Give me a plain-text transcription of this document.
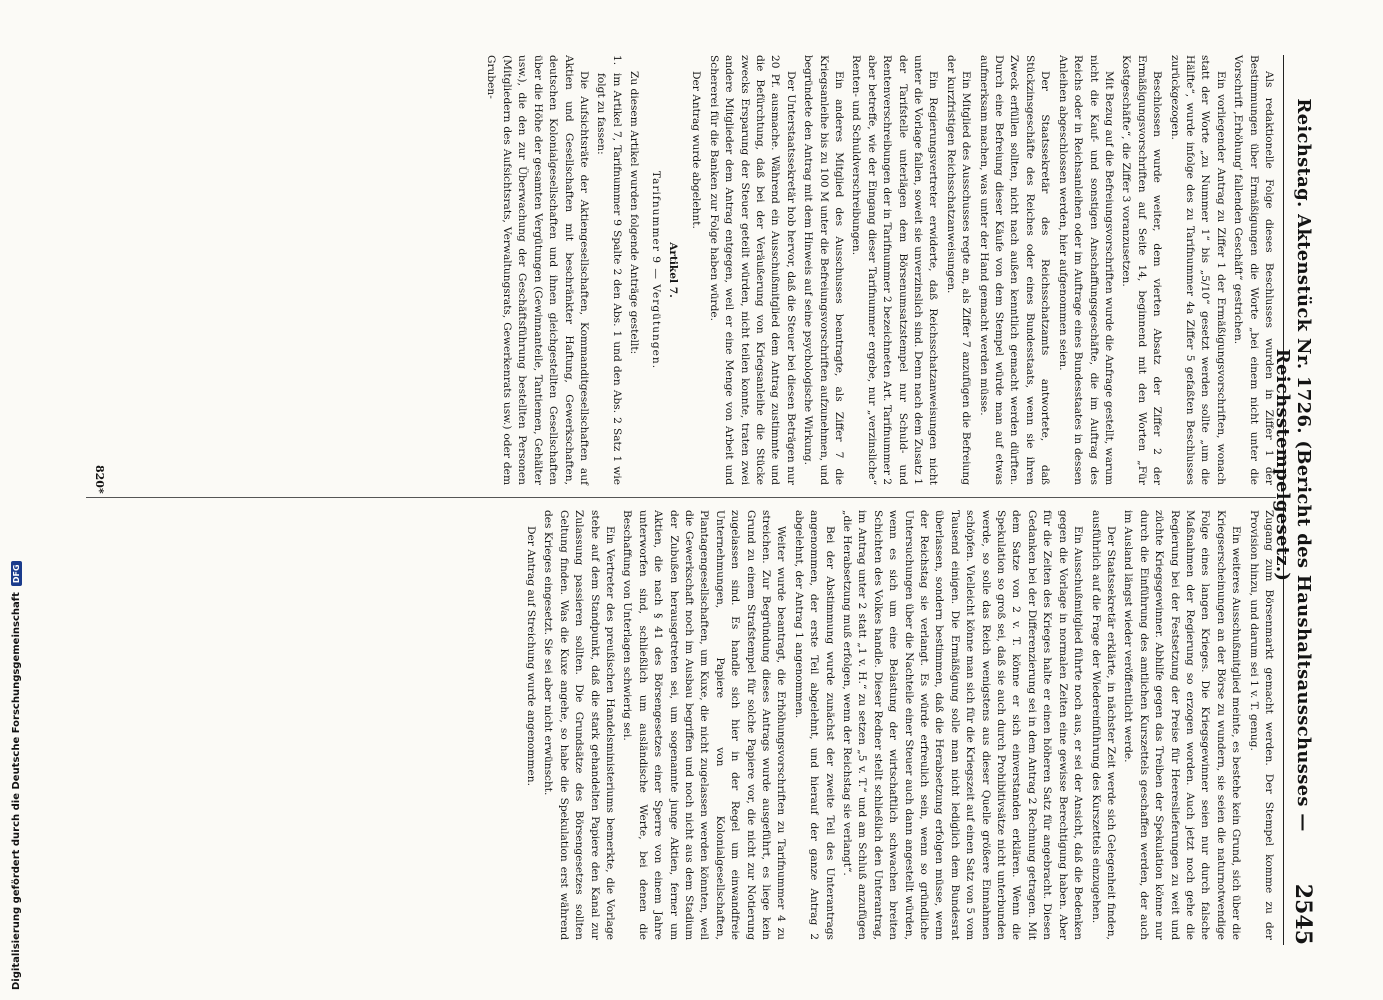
Digitalisierung gefördert durch die Deutsche Forschungsgemeinschaft
DFG	Reichstag. Aktenstück Nr. 1726. (Bericht des Haushaltsausschusses — Reichsstempelgesetz.)
2545

Als redaktionelle Folge dieses Beschlusses wurden in Ziffer 1 der Bestimmungen über Ermäßigungen die Worte „bei einem nicht unter die Vorschrift ‚Erhöhung' fallenden Geschäft“ gestrichen.

Ein vorliegender Antrag zu Ziffer 1 der Ermäßigungsvorschriften, wonach statt der Worte „zu Nummer 1“ bis „5/10“ gesetzt werden sollte „um die Hälfte“, wurde infolge des zu Tarifnummer 4a Ziffer 5 gefaßten Beschlusses zurückgezogen.

Beschlossen wurde weiter, dem vierten Absatz der Ziffer 2 der Ermäßigungsvorschriften auf Seite 14, beginnend mit den Worten „Für Kostgeschäfte“, die Ziffer 3 voranzusetzen.

Mit Bezug auf die Befreiungsvorschriften wurde die Anfrage gestellt, warum nicht die Kauf- und sonstigen Anschaffungsgeschäfte, die im Auftrag des Reichs oder in Reichsanleihen oder im Auftrage eines Bundesstaates in dessen Anleihen abgeschlossen werden, hier aufgenommen seien.

Der Staatssekretär des Reichsschatzamts antwortete, daß Stückzinsgeschäfte des Reiches oder eines Bundesstaats, wenn sie ihren Zweck erfüllen sollten, nicht nach außen kenntlich gemacht werden dürften. Durch eine Befreiung dieser Käufe von dem Stempel würde man auf etwas aufmerksam machen, was unter der Hand gemacht werden müsse.

Ein Mitglied des Ausschusses regte an, als Ziffer 7 anzufügen die Befreiung der kurzfristigen Reichsschatzanweisungen.

Ein Regierungsvertreter erwiderte, daß Reichsschatzanweisungen nicht unter die Vorlage fallen, soweit sie unverzinslich sind. Denn nach dem Zusatz 1 der Tarifstelle unterlägen dem Börsenumsatzstempel nur Schuld- und Rentenverschreibungen der in Tarifnummer 2 bezeichneten Art. Tarifnummer 2 aber betreffe, wie der Eingang dieser Tarifnummer ergebe, nur „verzinsliche“ Renten- und Schuldverschreibungen.

Ein anderes Mitglied des Ausschusses beantragte, als Ziffer 7 die Kriegsanleihe bis zu 100 M unter die Befreiungsvorschriften aufzunehmen, und begründete den Antrag mit dem Hinweis auf seine psychologische Wirkung.

Der Unterstaatssekretär hob hervor, daß die Steuer bei diesen Beträgen nur 20 Pf. ausmache. Während ein Ausschußmitglied dem Antrag zustimmte und die Befürchtung, daß bei der Veräußerung von Kriegsanleihe die Stücke zwecks Ersparung der Steuer geteilt würden, nicht teilen konnte, traten zwei andere Mitglieder dem Antrag entgegen, weil er eine Menge von Arbeit und Schererei für die Banken zur Folge haben würde.

Der Antrag wurde abgelehnt.

Artikel 7.
Tarifnummer 9 — Vergütungen.

Zu diesem Artikel wurden folgende Anträge gestellt:

1.im Artikel 7, Tarifnummer 9 Spalte 2 den Abs. 1 und den Abs. 2 Satz 1 wie folgt zu fassen:

Die Aufsichtsräte der Aktiengesellschaften, Kommanditgesellschaften auf Aktien und Gesellschaften mit beschränkter Haftung, Gewerkschaften, deutschen Kolonialgesellschaften und ihnen gleichgestellten Gesellschaften über die Höhe der gesamten Vergütungen (Gewinnanteile, Tantiemen, Gehälter usw.), die den zur Überwachung der Geschäftsführung bestellten Personen (Mitgliedern des Aufsichtsrats, Verwaltungsrats, Gewerkenrats usw.) oder dem Gruben-

Zugang zum Börsenmarkt gemacht werden. Der Stempel komme zu der Provision hinzu, und darum sei 1 v. T. genug.

Ein weiteres Ausschußmitglied meinte, es bestehe kein Grund, sich über die Kriegserscheinungen an der Börse zu wundern, sie seien die naturnotwendige Folge eines langen Krieges. Die Kriegsgewinner seien nur durch falsche Maßnahmen der Regierung so erzogen worden. Auch jetzt noch gehe die Regierung bei der Festsetzung der Preise für Heereslieferungen zu weit und züchte Kriegsgewinner. Abhilfe gegen das Treiben der Spekulation könne nur durch die Einführung des amtlichen Kurszettels geschaffen werden, der auch im Ausland längst wieder veröffentlicht werde.

Der Staatssekretär erklärte, in nächster Zeit werde sich Gelegenheit finden, ausführlich auf die Frage der Wiedereinführung des Kurszettels einzugehen.

Ein Ausschußmitglied führte noch aus, er sei der Ansicht, daß die Bedenken gegen die Vorlage in normalen Zeiten eine gewisse Berechtigung haben. Aber für die Zeiten des Krieges halte er einen höheren Satz für angebracht. Diesen Gedanken bei der Differenzierung sei in dem Antrag 2 Rechnung getragen. Mit dem Satze von 2 v. T. könne er sich einverstanden erklären. Wenn die Spekulation so groß sei, daß sie auch durch Prohibitivsätze nicht unterbunden werde, so solle das Reich wenigstens aus dieser Quelle größere Einnahmen schöpfen. Vielleicht könne man sich für die Kriegszeit auf einen Satz von 5 vom Tausend einigen. Die Ermäßigung solle man nicht lediglich dem Bundesrat überlassen, sondern bestimmen, daß die Herabsetzung erfolgen müsse, wenn der Reichstag sie verlangt. Es würde erfreulich sein, wenn so gründliche Untersuchungen über die Nachteile einer Steuer auch dann angestellt würden, wenn es sich um eine Belastung der wirtschaftlich schwachen breiten Schichten des Volkes handle. Dieser Redner stellt schließlich den Unterantrag, im Antrag unter 2 statt „1 v. H.“ zu setzen „5 v. T.“ und am Schluß anzufügen „die Herabsetzung muß erfolgen, wenn der Reichstag sie verlangt“.

Bei der Abstimmung wurde zunächst der zweite Teil des Unterantrags angenommen, der erste Teil abgelehnt, und hierauf der ganze Antrag 2 abgelehnt, der Antrag 1 angenommen.

Weiter wurde beantragt, die Erhöhungsvorschriften zu Tarifnummer 4 zu streichen. Zur Begründung dieses Antrags wurde ausgeführt, es liege kein Grund zu einem Strafstempel für solche Papiere vor, die nicht zur Notierung zugelassen sind. Es handle sich hier in der Regel um einwandfreie Unternehmungen, Papiere von Kolonialgesellschaften, Plantagengesellschaften, um Kuxe, die nicht zugelassen werden könnten, weil die Gewerkschaft noch im Ausbau begriffen und noch nicht aus dem Stadium der Zubußen herausgetreten sei, um sogenannte junge Aktien, ferner um Aktien, die nach § 41 des Börsengesetzes einer Sperre von einem Jahre unterworfen sind, schließlich um ausländische Werte, bei denen die Beschaffung von Unterlagen schwierig sei.

Ein Vertreter des preußischen Handelsministeriums bemerkte, die Vorlage stehe auf dem Standpunkt, daß die stark gehandelten Papiere den Kanal zur Zulassung passieren sollten. Die Grundsätze des Börsengesetzes sollten Geltung finden. Was die Kuxe angehe, so habe die Spekulation erst während des Krieges eingesetzt. Sie sei aber nicht erwünscht.

Der Antrag auf Streichung wurde angenommen.

820*
